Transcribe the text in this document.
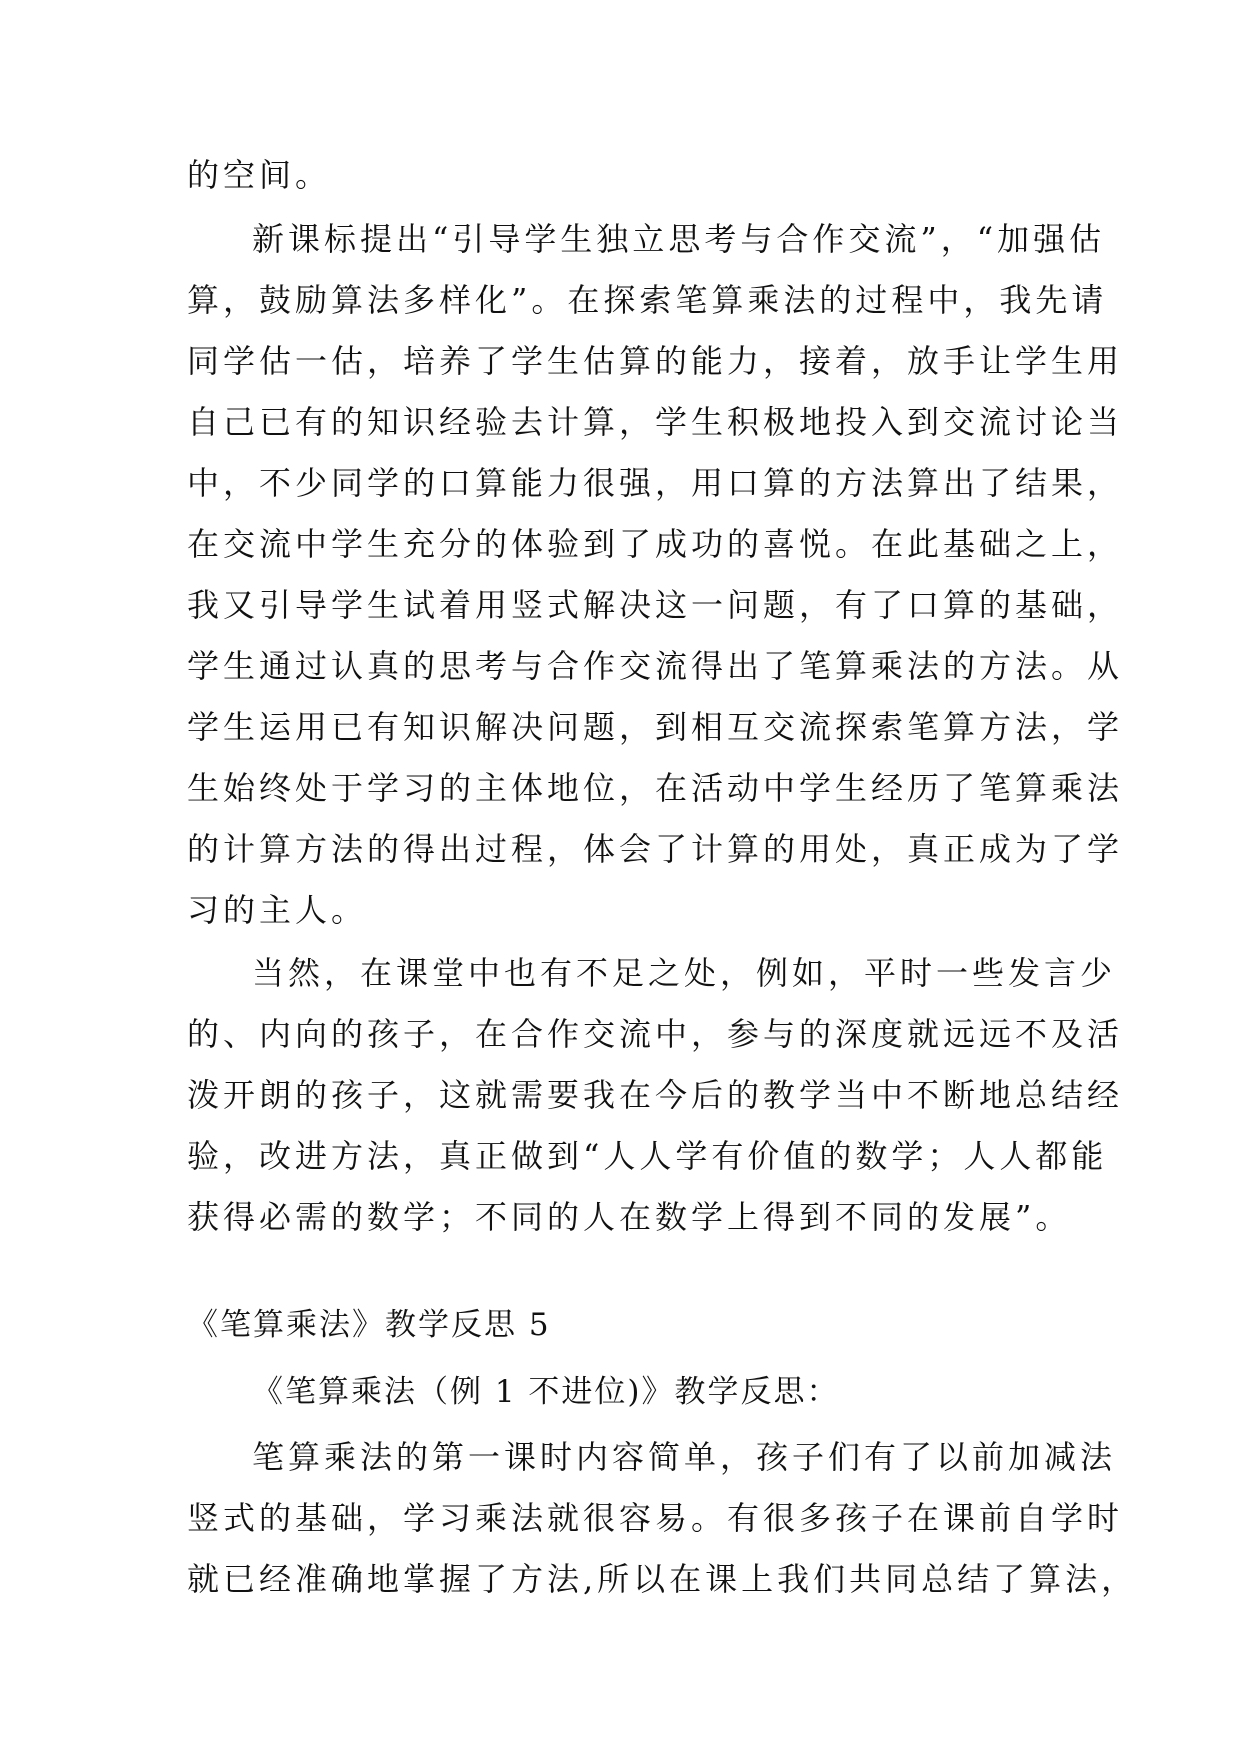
的空间。
新课标提出“引导学生独立思考与合作交流”，“加强估
算，鼓励算法多样化”。在探索笔算乘法的过程中，我先请
同学估一估，培养了学生估算的能力，接着，放手让学生用
自己已有的知识经验去计算，学生积极地投入到交流讨论当
中，不少同学的口算能力很强，用口算的方法算出了结果，
在交流中学生充分的体验到了成功的喜悦。在此基础之上，
我又引导学生试着用竖式解决这一问题，有了口算的基础，
学生通过认真的思考与合作交流得出了笔算乘法的方法。从
学生运用已有知识解决问题，到相互交流探索笔算方法，学
生始终处于学习的主体地位，在活动中学生经历了笔算乘法
的计算方法的得出过程，体会了计算的用处，真正成为了学
习的主人。
当然，在课堂中也有不足之处，例如，平时一些发言少
的、内向的孩子，在合作交流中，参与的深度就远远不及活
泼开朗的孩子，这就需要我在今后的教学当中不断地总结经
验，改进方法，真正做到“人人学有价值的数学；人人都能
获得必需的数学；不同的人在数学上得到不同的发展”。
《笔算乘法》教学反思 5
《笔算乘法（例 1 不进位)》教学反思：
笔算乘法的第一课时内容简单，孩子们有了以前加减法
竖式的基础，学习乘法就很容易。有很多孩子在课前自学时
就已经准确地掌握了方法,所以在课上我们共同总结了算法，
